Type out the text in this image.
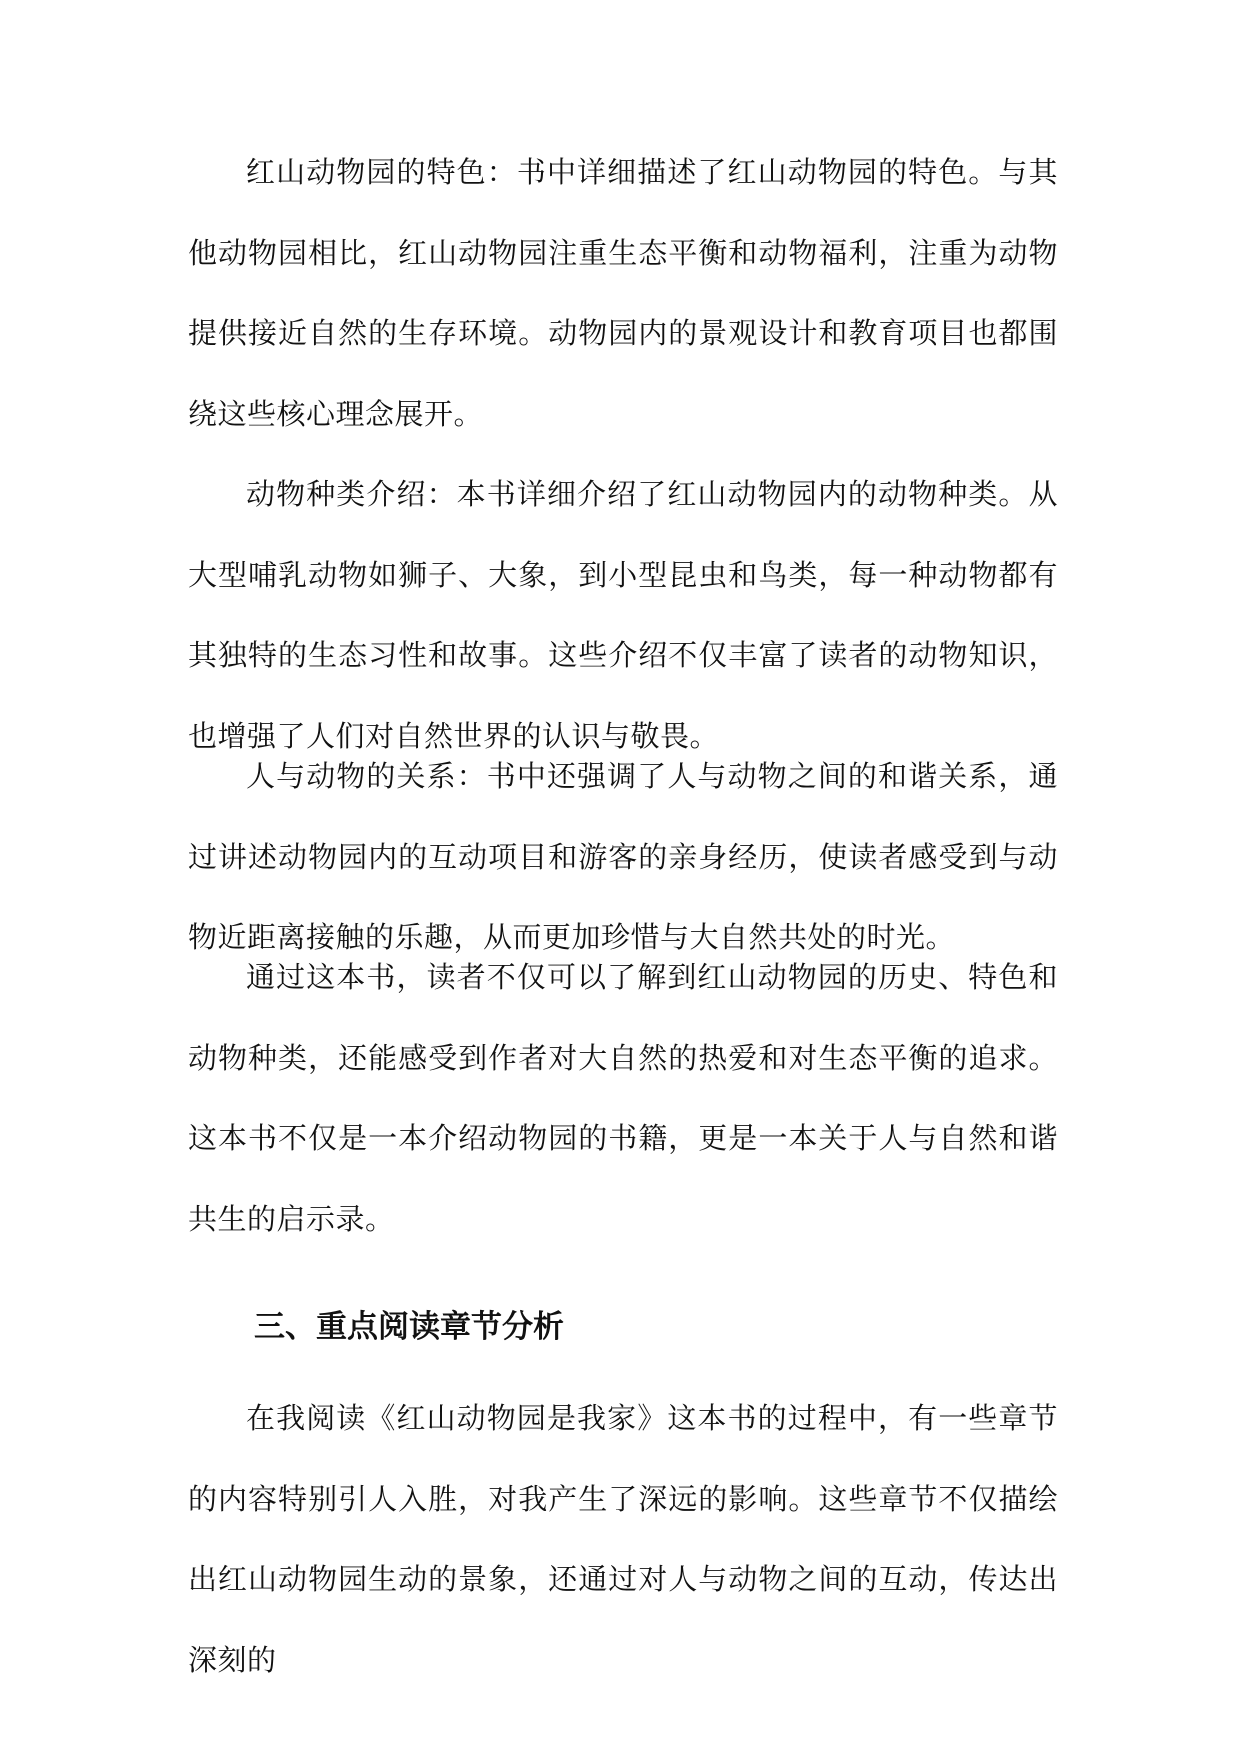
红山动物园的特色：书中详细描述了红山动物园的特色。与其他动物园相比，红山动物园注重生态平衡和动物福利，注重为动物提供接近自然的生存环境。动物园内的景观设计和教育项目也都围绕这些核心理念展开。

动物种类介绍：本书详细介绍了红山动物园内的动物种类。从大型哺乳动物如狮子、大象，到小型昆虫和鸟类，每一种动物都有其独特的生态习性和故事。这些介绍不仅丰富了读者的动物知识，也增强了人们对自然世界的认识与敬畏。

人与动物的关系：书中还强调了人与动物之间的和谐关系，通过讲述动物园内的互动项目和游客的亲身经历，使读者感受到与动物近距离接触的乐趣，从而更加珍惜与大自然共处的时光。

通过这本书，读者不仅可以了解到红山动物园的历史、特色和动物种类，还能感受到作者对大自然的热爱和对生态平衡的追求。这本书不仅是一本介绍动物园的书籍，更是一本关于人与自然和谐共生的启示录。

三、重点阅读章节分析

在我阅读《红山动物园是我家》这本书的过程中，有一些章节的内容特别引人入胜，对我产生了深远的影响。这些章节不仅描绘出红山动物园生动的景象，还通过对人与动物之间的互动，传达出深刻的
